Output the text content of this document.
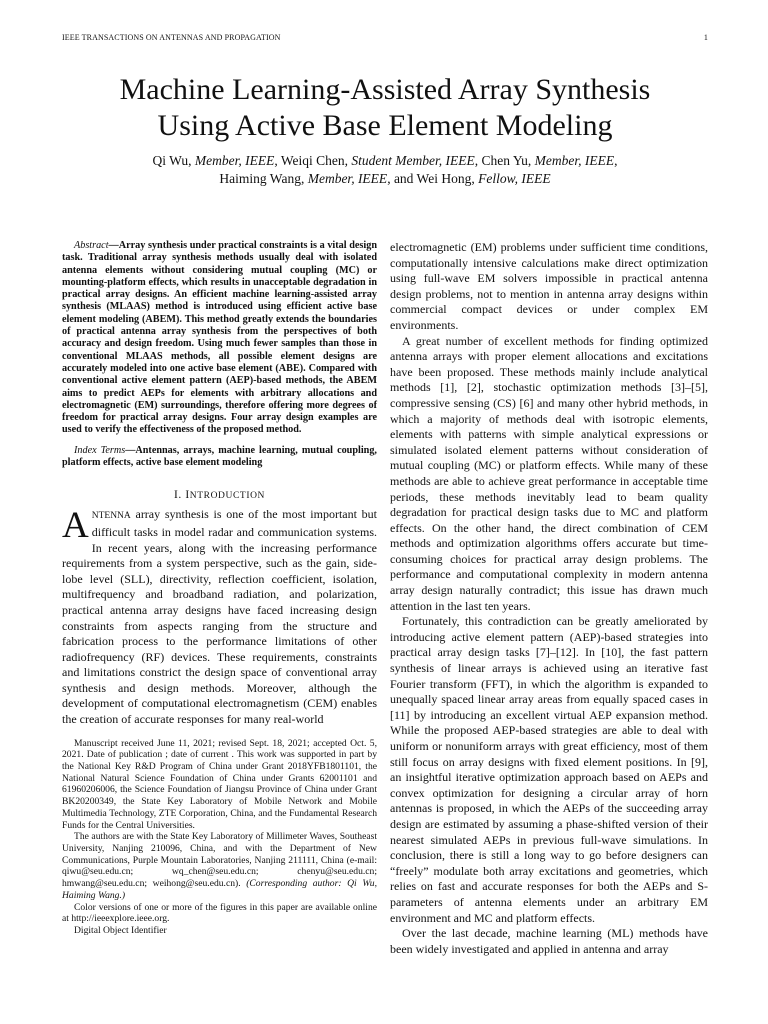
IEEE TRANSACTIONS ON ANTENNAS AND PROPAGATION	1
Machine Learning-Assisted Array Synthesis
Using Active Base Element Modeling
Qi Wu, Member, IEEE, Weiqi Chen, Student Member, IEEE, Chen Yu, Member, IEEE,
Haiming Wang, Member, IEEE, and Wei Hong, Fellow, IEEE

Abstract—Array synthesis under practical constraints is a vital design task. Traditional array synthesis methods usually deal with isolated antenna elements without considering mutual coupling (MC) or mounting-platform effects, which results in unacceptable degradation in practical array designs. An efficient machine learning-assisted array synthesis (MLAAS) method is introduced using efficient active base element modeling (ABEM). This method greatly extends the boundaries of practical antenna array synthesis from the perspectives of both accuracy and design freedom. Using much fewer samples than those in conventional MLAAS methods, all possible element designs are accurately modeled into one active base element (ABE). Compared with conventional active element pattern (AEP)-based methods, the ABEM aims to predict AEPs for elements with arbitrary allocations and electromagnetic (EM) surroundings, therefore offering more degrees of freedom for practical array designs. Four array design examples are used to verify the effectiveness of the proposed method.

Index Terms—Antennas, arrays, machine learning, mutual coupling, platform effects, active base element modeling

I. INTRODUCTION

ANTENNA array synthesis is one of the most important but difficult tasks in model radar and communication systems. In recent years, along with the increasing performance requirements from a system perspective, such as the gain, side-lobe level (SLL), directivity, reflection coefficient, isolation, multifrequency and broadband radiation, and polarization, practical antenna array designs have faced increasing design constraints from aspects ranging from the structure and fabrication process to the performance limitations of other radiofrequency (RF) devices. These requirements, constraints and limitations constrict the design space of conventional array synthesis and design methods. Moreover, although the development of computational electromagnetism (CEM) enables the creation of accurate responses for many real-world

Manuscript received June 11, 2021; revised Sept. 18, 2021; accepted Oct. 5, 2021. Date of publication ; date of current . This work was supported in part by the National Key R&D Program of China under Grant 2018YFB1801101, the National Natural Science Foundation of China under Grants 62001101 and 61960206006, the Science Foundation of Jiangsu Province of China under Grant BK20200349, the State Key Laboratory of Mobile Network and Mobile Multimedia Technology, ZTE Corporation, China, and the Fundamental Research Funds for the Central Universities.

The authors are with the State Key Laboratory of Millimeter Waves, Southeast University, Nanjing 210096, China, and with the Department of New Communications, Purple Mountain Laboratories, Nanjing 211111, China (e-mail: qiwu@seu.edu.cn; wq_chen@seu.edu.cn; chenyu@seu.edu.cn; hmwang@seu.edu.cn; weihong@seu.edu.cn). (Corresponding author: Qi Wu, Haiming Wang.)

Color versions of one or more of the figures in this paper are available online at http://ieeexplore.ieee.org.

Digital Object Identifier

electromagnetic (EM) problems under sufficient time conditions, computationally intensive calculations make direct optimization using full-wave EM solvers impossible in practical antenna design problems, not to mention in antenna array designs within commercial compact devices or under complex EM environments.

A great number of excellent methods for finding optimized antenna arrays with proper element allocations and excitations have been proposed. These methods mainly include analytical methods [1], [2], stochastic optimization methods [3]–[5], compressive sensing (CS) [6] and many other hybrid methods, in which a majority of methods deal with isotropic elements, elements with patterns with simple analytical expressions or simulated isolated element patterns without consideration of mutual coupling (MC) or platform effects. While many of these methods are able to achieve great performance in acceptable time periods, these methods inevitably lead to beam quality degradation for practical design tasks due to MC and platform effects. On the other hand, the direct combination of CEM methods and optimization algorithms offers accurate but time-consuming choices for practical array design problems. The performance and computational complexity in modern antenna array design naturally contradict; this issue has drawn much attention in the last ten years.

Fortunately, this contradiction can be greatly ameliorated by introducing active element pattern (AEP)-based strategies into practical array design tasks [7]–[12]. In [10], the fast pattern synthesis of linear arrays is achieved using an iterative fast Fourier transform (FFT), in which the algorithm is expanded to unequally spaced linear array areas from equally spaced cases in [11] by introducing an excellent virtual AEP expansion method. While the proposed AEP-based strategies are able to deal with uniform or nonuniform arrays with great efficiency, most of them still focus on array designs with fixed element positions. In [9], an insightful iterative optimization approach based on AEPs and convex optimization for designing a circular array of horn antennas is proposed, in which the AEPs of the succeeding array design are estimated by assuming a phase-shifted version of their nearest simulated AEPs in previous full-wave simulations. In conclusion, there is still a long way to go before designers can “freely” modulate both array excitations and geometries, which relies on fast and accurate responses for both the AEPs and S-parameters of antenna elements under an arbitrary EM environment and MC and platform effects.

Over the last decade, machine learning (ML) methods have been widely investigated and applied in antenna and array
